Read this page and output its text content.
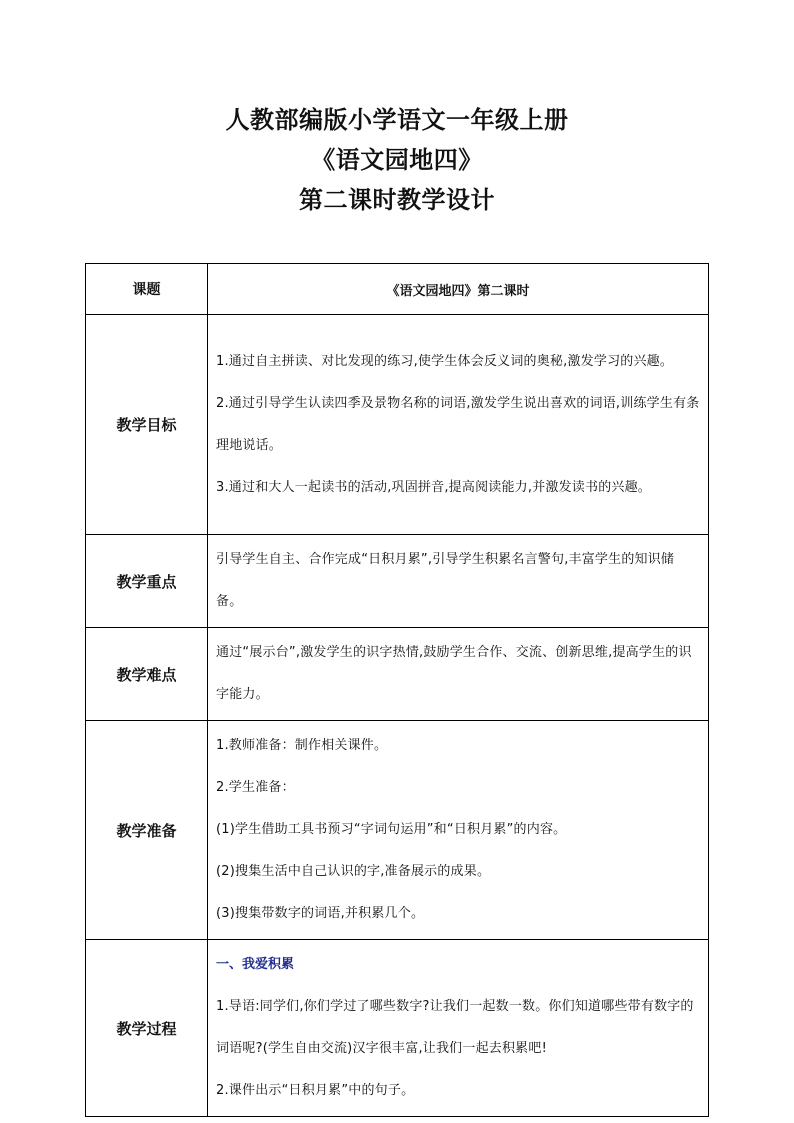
人教部编版小学语文一年级上册
《语文园地四》
第二课时教学设计
课题	《语文园地四》第二课时
教学目标	1.通过自主拼读、对比发现的练习,使学生体会反义词的奥秘,激发学习的兴趣。
2.通过引导学生认读四季及景物名称的词语,激发学生说出喜欢的词语,训练学生有条理地说话。
3.通过和大人一起读书的活动,巩固拼音,提高阅读能力,并激发读书的兴趣。

教学重点	引导学生自主、合作完成“日积月累”,引导学生积累名言警句,丰富学生的知识储备。

教学难点	通过“展示台”,激发学生的识字热情,鼓励学生合作、交流、创新思维,提高学生的识字能力。

教学准备	1.教师准备：制作相关课件。
2.学生准备：
(1)学生借助工具书预习“字词句运用”和“日积月累”的内容。
(2)搜集生活中自己认识的字,准备展示的成果。
(3)搜集带数字的词语,并积累几个。

教学过程	一、我爱积累
1.导语:同学们,你们学过了哪些数字?让我们一起数一数。你们知道哪些带有数字的词语呢?(学生自由交流)汉字很丰富,让我们一起去积累吧!
2.课件出示“日积月累”中的句子。
